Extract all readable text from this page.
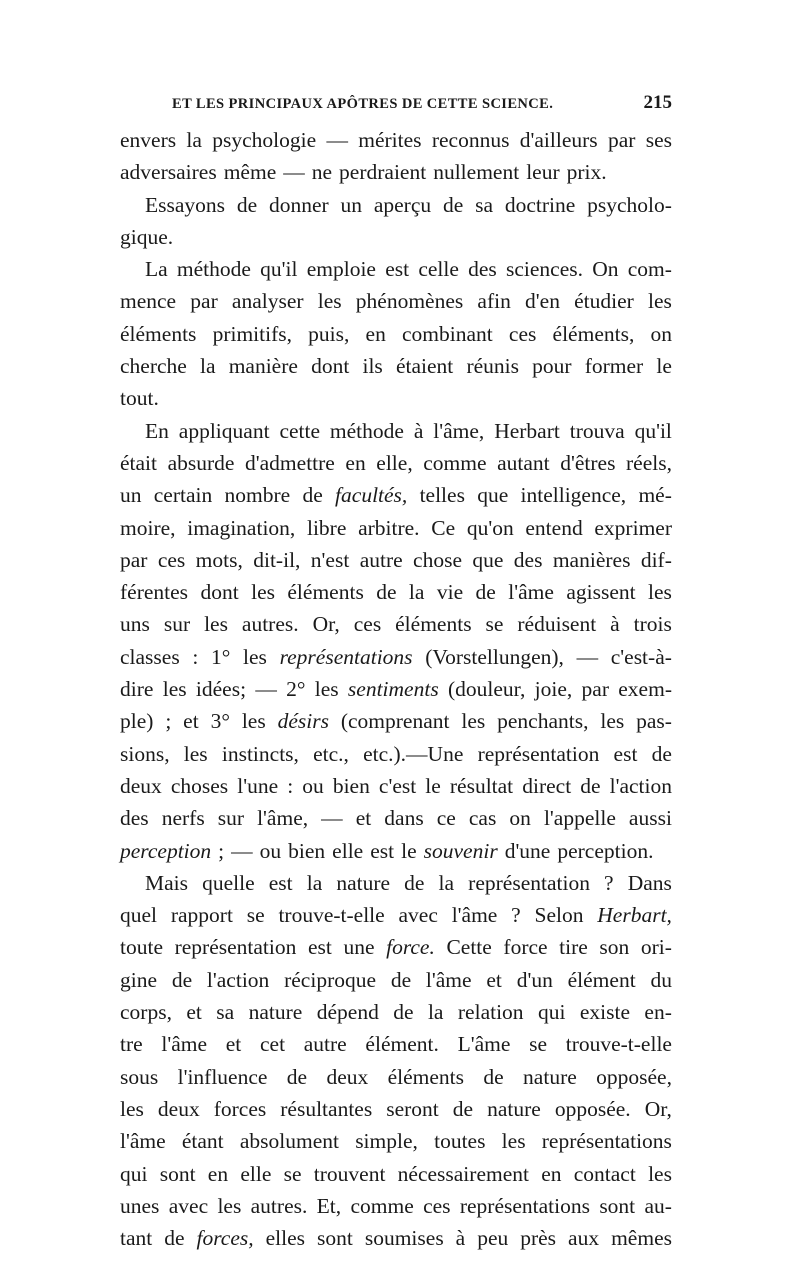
ET LES PRINCIPAUX APÔTRES DE CETTE SCIENCE.	215
envers la psychologie — mérites reconnus d'ailleurs par ses
adversaires même — ne perdraient nullement leur prix.
Essayons de donner un aperçu de sa doctrine psycholo-
gique.
La méthode qu'il emploie est celle des sciences. On com-
mence par analyser les phénomènes afin d'en étudier les
éléments primitifs, puis, en combinant ces éléments, on
cherche la manière dont ils étaient réunis pour former le
tout.
En appliquant cette méthode à l'âme, Herbart trouva qu'il
était absurde d'admettre en elle, comme autant d'êtres réels,
un certain nombre de facultés, telles que intelligence, mé-
moire, imagination, libre arbitre. Ce qu'on entend exprimer
par ces mots, dit-il, n'est autre chose que des manières dif-
férentes dont les éléments de la vie de l'âme agissent les
uns sur les autres. Or, ces éléments se réduisent à trois
classes : 1° les représentations (Vorstellungen), — c'est-à-
dire les idées; — 2° les sentiments (douleur, joie, par exem-
ple) ; et 3° les désirs (comprenant les penchants, les pas-
sions, les instincts, etc., etc.).—Une représentation est de
deux choses l'une : ou bien c'est le résultat direct de l'action
des nerfs sur l'âme, — et dans ce cas on l'appelle aussi
perception ; — ou bien elle est le souvenir d'une perception.
Mais quelle est la nature de la représentation ? Dans
quel rapport se trouve-t-elle avec l'âme ? Selon Herbart,
toute représentation est une force. Cette force tire son ori-
gine de l'action réciproque de l'âme et d'un élément du
corps, et sa nature dépend de la relation qui existe en-
tre l'âme et cet autre élément. L'âme se trouve-t-elle
sous l'influence de deux éléments de nature opposée,
les deux forces résultantes seront de nature opposée. Or,
l'âme étant absolument simple, toutes les représentations
qui sont en elle se trouvent nécessairement en contact les
unes avec les autres. Et, comme ces représentations sont au-
tant de forces, elles sont soumises à peu près aux mêmes
